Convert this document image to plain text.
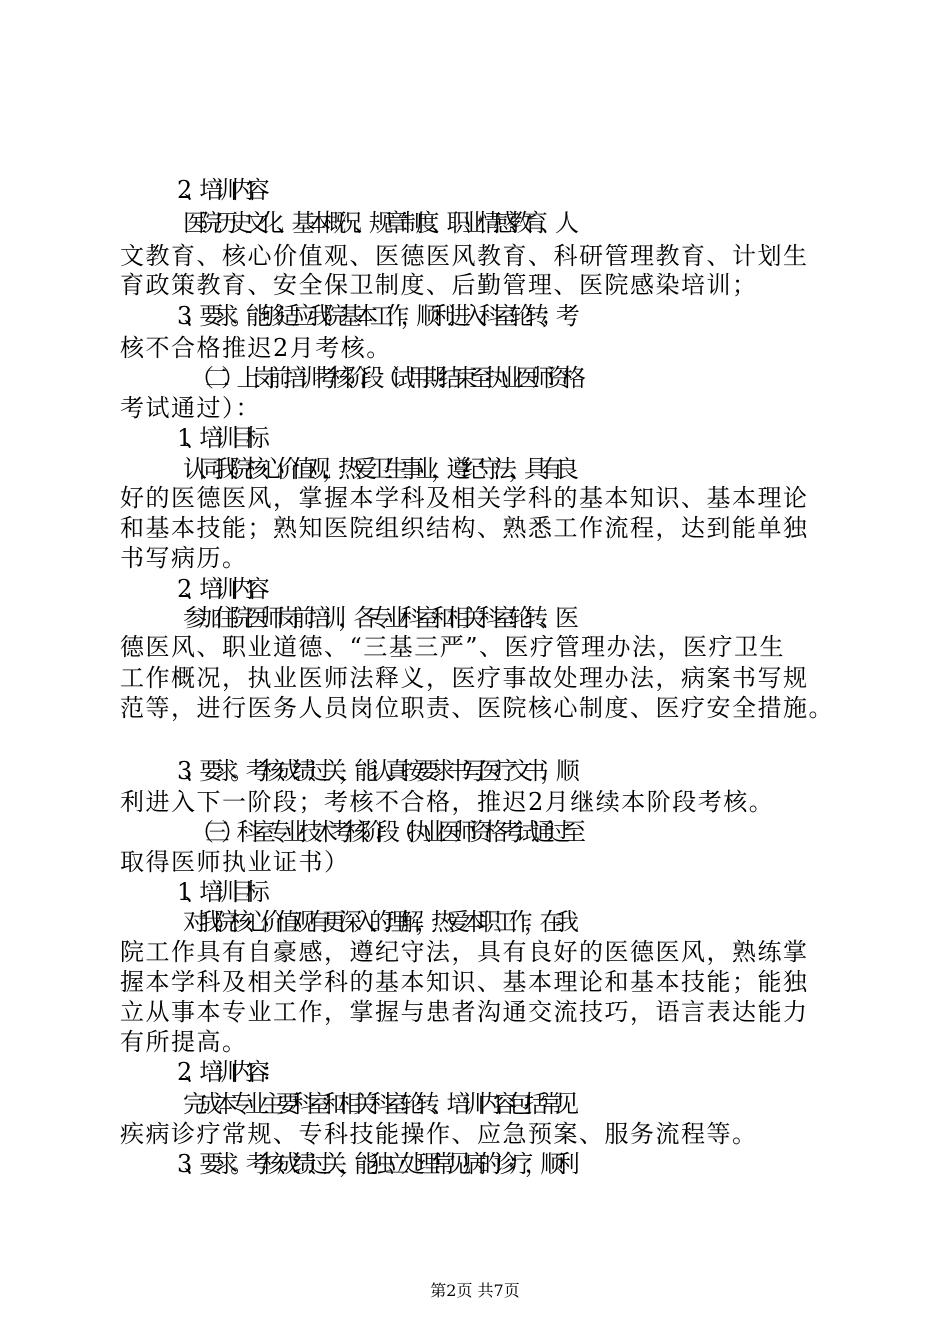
2、培训内容
医院历史文化、基本概况、规章制度、职业情感教育、人
文教育、核心价值观、医德医风教育、科研管理教育、计划生
育政策教育、安全保卫制度、后勤管理、医院感染培训；
3、要求。能够适应我院基本工作，顺利进入科室轮转；考
核不合格推迟2月考核。
（二）上岗前培训考核阶段（试用期结束至执业医师资格
考试通过）：
1、培训目标
认同我院核心价值观，热爱卫生事业，遵纪守法，具有良
好的医德医风，掌握本学科及相关学科的基本知识、基本理论
和基本技能；熟知医院组织结构、熟悉工作流程，达到能单独
书写病历。
2、培训内容
参加住院医师岗前培训，各专业科室和相关科室轮转、医
德医风、职业道德、“三基三严”、医疗管理办法，医疗卫生
工作概况，执业医师法释义，医疗事故处理办法，病案书写规
范等，进行医务人员岗位职责、医院核心制度、医疗安全措施。
3、要求。考核成绩过关，能认真按要求书写医疗文书，顺
利进入下一阶段；考核不合格，推迟2月继续本阶段考核。
（三）科室专业技术考核阶段（执业医师资格考试通过至
取得医师执业证书）
1、培训目标
对我院核心价值观有更深入的理解，热爱本职工作，在我
院工作具有自豪感，遵纪守法，具有良好的医德医风，熟练掌
握本学科及相关学科的基本知识、基本理论和基本技能；能独
立从事本专业工作，掌握与患者沟通交流技巧，语言表达能力
有所提高。
2、培训内容：
完成本专业主要科室和相关科室轮转、培训内容包括常见
疾病诊疗常规、专科技能操作、应急预案、服务流程等。
3、要求。考核成绩过关，能独立处理常见病的诊疗，顺利
第2页 共7页
